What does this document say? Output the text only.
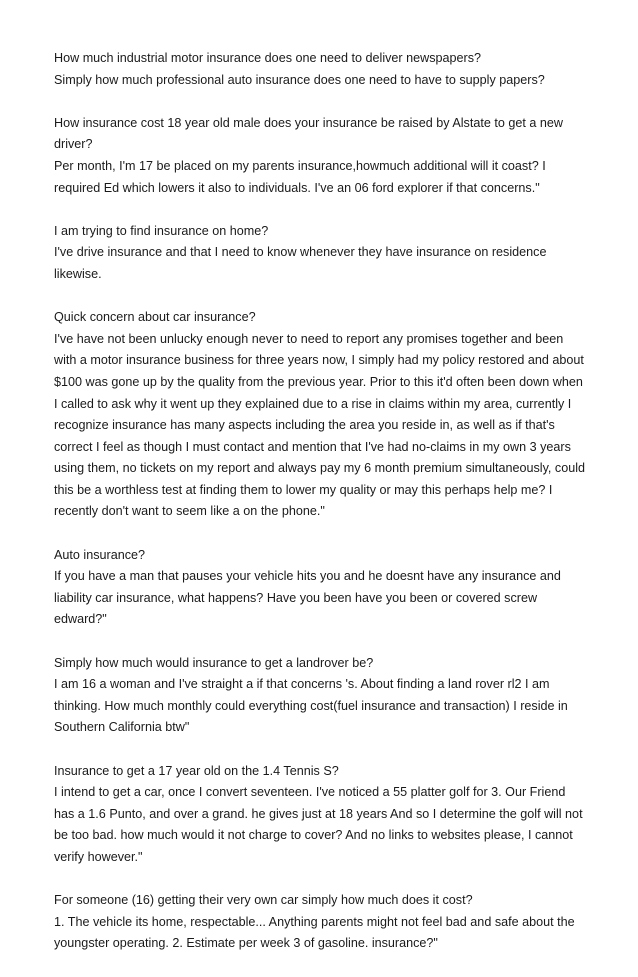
How much industrial motor insurance does one need to deliver newspapers?

Simply how much professional auto insurance does one need to have to supply papers?

How insurance cost 18 year old male does your insurance be raised by Alstate to get a new driver?

Per month, I'm 17 be placed on my parents insurance,howmuch additional will it coast? I required Ed which lowers it also to individuals. I've an 06 ford explorer if that concerns."

I am trying to find insurance on home?

I've drive insurance and that I need to know whenever they have insurance on residence likewise.

Quick concern about car insurance?

I've have not been unlucky enough never to need to report any promises together and been with a motor insurance business for three years now, I simply had my policy restored and about $100 was gone up by the quality from the previous year. Prior to this it'd often been down when I called to ask why it went up they explained due to a rise in claims within my area, currently I recognize insurance has many aspects including the area you reside in, as well as if that's correct I feel as though I must contact and mention that I've had no-claims in my own 3 years using them, no tickets on my report and always pay my 6 month premium simultaneously, could this be a worthless test at finding them to lower my quality or may this perhaps help me? I recently don't want to seem like a on the phone."

Auto insurance?

If you have a man that pauses your vehicle hits you and he doesnt have any insurance and liability car insurance, what happens? Have you been have you been or covered screw edward?"

Simply how much would insurance to get a landrover be?

I am 16 a woman and I've straight a if that concerns 's. About finding a land rover rl2 I am thinking. How much monthly could everything cost(fuel insurance and transaction) I reside in Southern California btw"

Insurance to get a 17 year old on the 1.4 Tennis S?

I intend to get a car, once I convert seventeen. I've noticed a 55 platter golf for 3. Our Friend has a 1.6 Punto, and over a grand. he gives just at 18 years And so I determine the golf will not be too bad. how much would it not charge to cover? And no links to websites please, I cannot verify however."

For someone (16) getting their very own car simply how much does it cost?

1. The vehicle its home, respectable... Anything parents might not feel bad and safe about the youngster operating. 2. Estimate per week 3 of gasoline. insurance?"
